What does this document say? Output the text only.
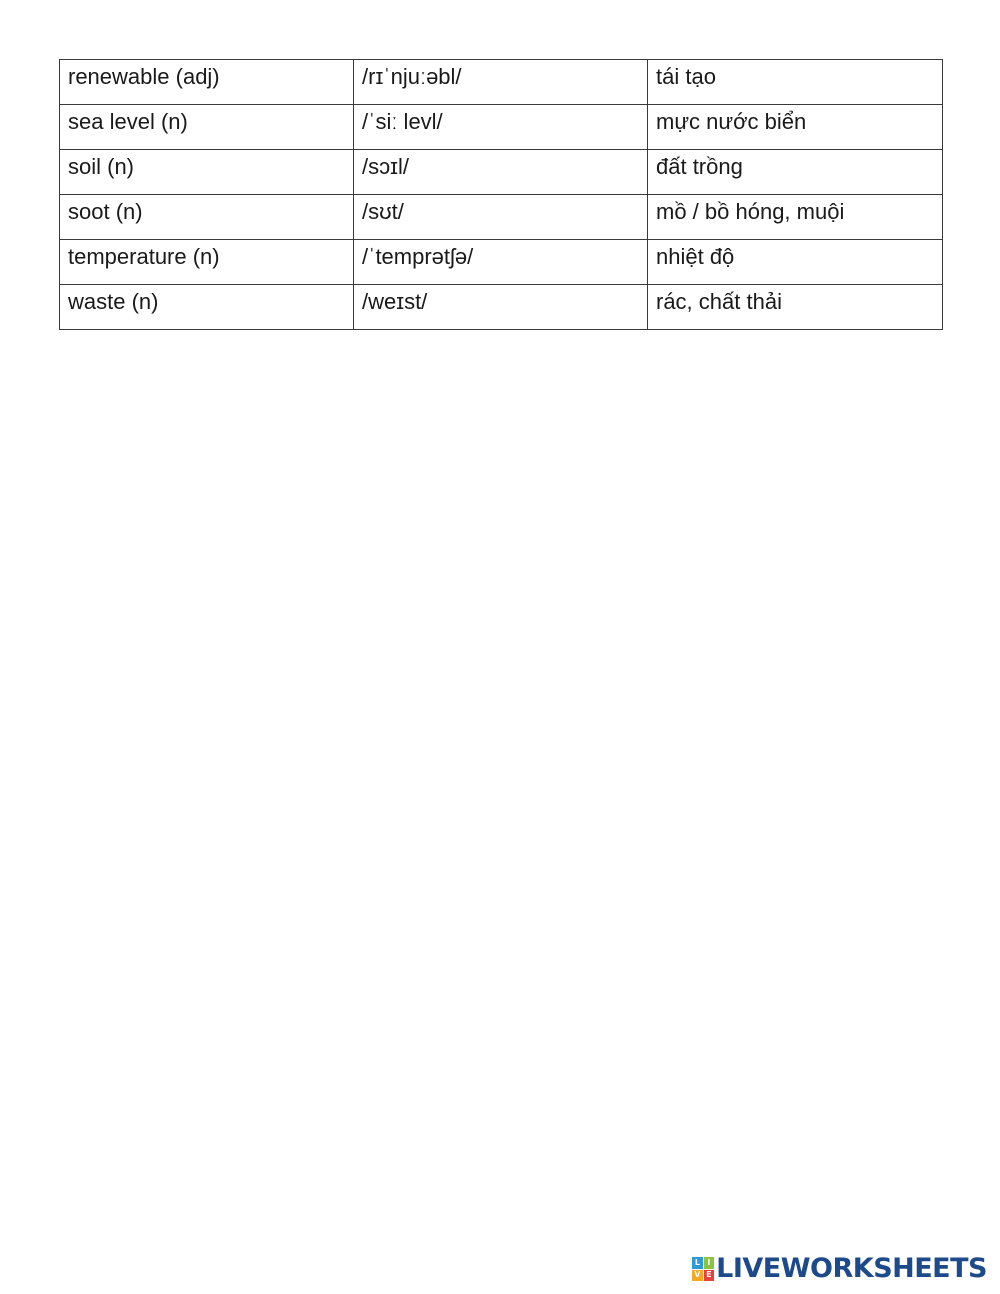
renewable (adj)	/rɪˈnjuːəbl/	tái tạo
sea level (n)	/ˈsiː levl/	mực nước biển
soil (n)	/sɔɪl/	đất trồng
soot (n)	/sʊt/	mồ / bồ hóng, muội
temperature (n)	/ˈtemprətʃə/	nhiệt độ
waste (n)	/weɪst/	rác, chất thải
L I
V E LIVEWORKSHEETS
